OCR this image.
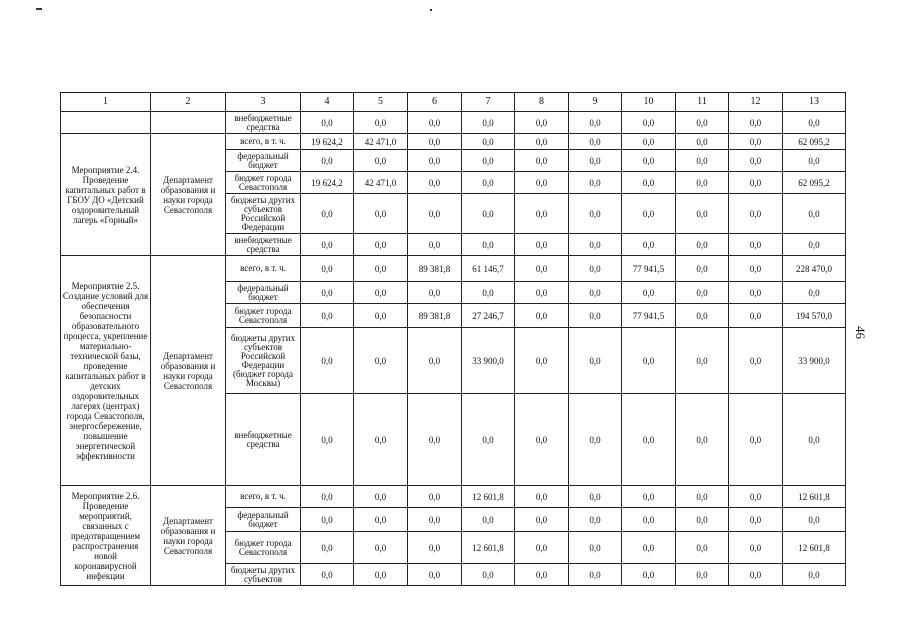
46
1	2	3	4	5	6	7	8	9	10	11	12	13
		внебюджетные средства	0,0	0,0	0,0	0,0	0,0	0,0	0,0	0,0	0,0	0,0
Мероприятие 2.4. Проведение капитальных работ в ГБОУ ДО «Детский оздоровительный лагерь «Горный»	Департамент образования и науки города Севастополя	всего, в т. ч.	19 624,2	42 471,0	0,0	0,0	0,0	0,0	0,0	0,0	0,0	62 095,2
		федеральный бюджет	0,0	0,0	0,0	0,0	0,0	0,0	0,0	0,0	0,0	0,0
		бюджет города Севастополя	19 624,2	42 471,0	0,0	0,0	0,0	0,0	0,0	0,0	0,0	62 095,2
		бюджеты других субъектов Российской Федерации	0,0	0,0	0,0	0,0	0,0	0,0	0,0	0,0	0,0	0,0
		внебюджетные средства	0,0	0,0	0,0	0,0	0,0	0,0	0,0	0,0	0,0	0,0
Мероприятие 2.5. Создание условий для обеспечения безопасности образовательного процесса, укрепление материально-технической базы, проведение капитальных работ в детских оздоровительных лагерях (центрах) города Севастополя, энергосбережение, повышение энергетической эффективности	Департамент образования и науки города Севастополя	всего, в т. ч.	0,0	0,0	89 381,8	61 146,7	0,0	0,0	77 941,5	0,0	0,0	228 470,0
		федеральный бюджет	0,0	0,0	0,0	0,0	0,0	0,0	0,0	0,0	0,0	0,0
		бюджет города Севастополя	0,0	0,0	89 381,8	27 246,7	0,0	0,0	77 941,5	0,0	0,0	194 570,0
		бюджеты других субъектов Российской Федерации (бюджет города Москвы)	0,0	0,0	0,0	33 900,0	0,0	0,0	0,0	0,0	0,0	33 900,0
		внебюджетные средства	0,0	0,0	0,0	0,0	0,0	0,0	0,0	0,0	0,0	0,0
Мероприятие 2.6. Проведение мероприятий, связанных с предотвращением распространения новой коронавирусной инфекции	Департамент образования и науки города Севастополя	всего, в т. ч.	0,0	0,0	0,0	12 601,8	0,0	0,0	0,0	0,0	0,0	12 601,8
		федеральный бюджет	0,0	0,0	0,0	0,0	0,0	0,0	0,0	0,0	0,0	0,0
		бюджет города Севастополя	0,0	0,0	0,0	12 601,8	0,0	0,0	0,0	0,0	0,0	12 601,8
		бюджеты других субъектов	0,0	0,0	0,0	0,0	0,0	0,0	0,0	0,0	0,0	0,0
